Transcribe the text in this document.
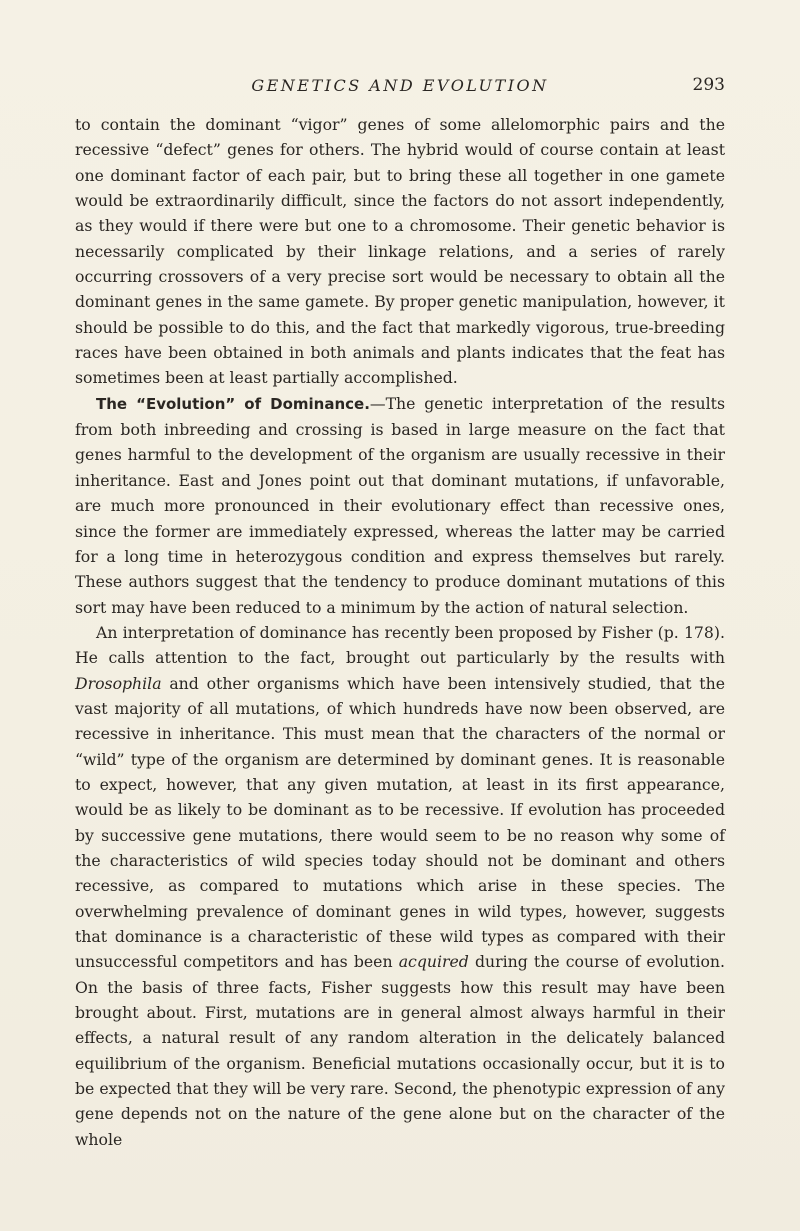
GENETICS AND EVOLUTION	293

to contain the dominant “vigor” genes of some allelomorphic pairs and the recessive “defect” genes for others. The hybrid would of course contain at least one dominant factor of each pair, but to bring these all together in one gamete would be extraordinarily difficult, since the factors do not assort independently, as they would if there were but one to a chromosome. Their genetic behavior is necessarily complicated by their linkage relations, and a series of rarely occurring crossovers of a very precise sort would be necessary to obtain all the dominant genes in the same gamete. By proper genetic manipulation, however, it should be possible to do this, and the fact that markedly vigorous, true-breeding races have been obtained in both animals and plants indicates that the feat has sometimes been at least partially accomplished.

The “Evolution” of Dominance.—The genetic interpretation of the results from both inbreeding and crossing is based in large measure on the fact that genes harmful to the development of the organism are usually recessive in their inheritance. East and Jones point out that dominant mutations, if unfavorable, are much more pronounced in their evolutionary effect than recessive ones, since the former are immediately expressed, whereas the latter may be carried for a long time in heterozygous condition and express themselves but rarely. These authors suggest that the tendency to produce dominant mutations of this sort may have been reduced to a minimum by the action of natural selection.

An interpretation of dominance has recently been proposed by Fisher (p. 178). He calls attention to the fact, brought out particularly by the results with Drosophila and other organisms which have been intensively studied, that the vast majority of all mutations, of which hundreds have now been observed, are recessive in inheritance. This must mean that the characters of the normal or “wild” type of the organism are determined by dominant genes. It is reasonable to expect, however, that any given mutation, at least in its first appearance, would be as likely to be dominant as to be recessive. If evolution has proceeded by successive gene mutations, there would seem to be no reason why some of the characteristics of wild species today should not be dominant and others recessive, as compared to mutations which arise in these species. The overwhelming prevalence of dominant genes in wild types, however, suggests that dominance is a characteristic of these wild types as compared with their unsuccessful competitors and has been acquired during the course of evolution. On the basis of three facts, Fisher suggests how this result may have been brought about. First, mutations are in general almost always harmful in their effects, a natural result of any random alteration in the delicately balanced equilibrium of the organism. Beneficial mutations occasionally occur, but it is to be expected that they will be very rare. Second, the phenotypic expression of any gene depends not on the nature of the gene alone but on the character of the whole
